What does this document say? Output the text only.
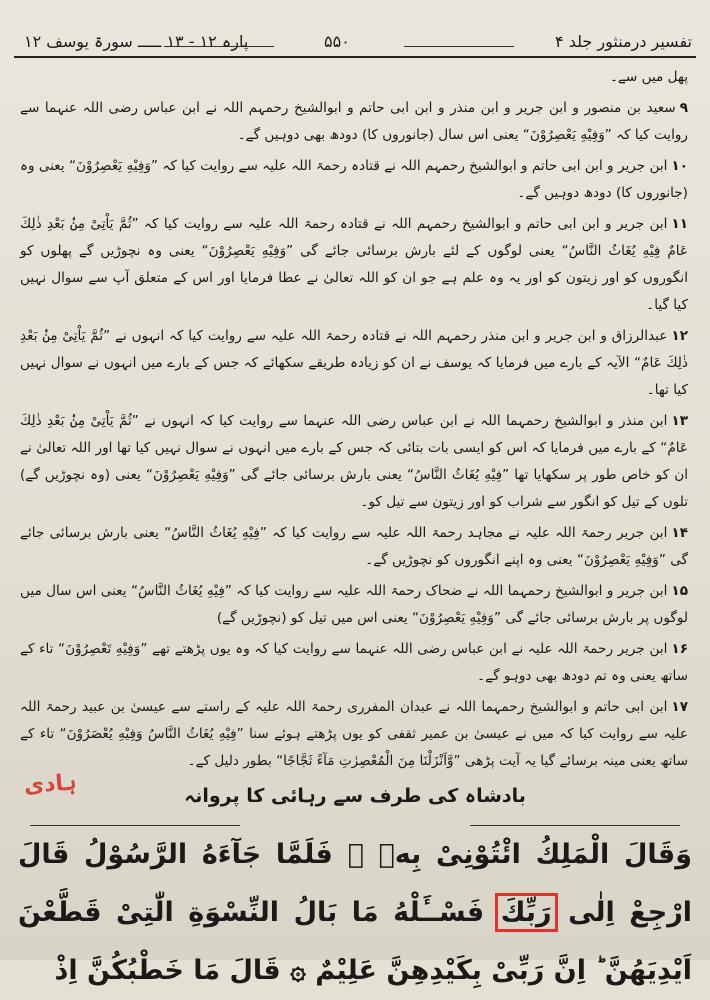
تفسیر درمنثور جلد ۴
۵۵۰
پارہ ۱۲ - ۱۳ ـــــ سورۃ یوسف ۱۲

پھل میں سے۔

۹سعید بن منصور و ابن جریر و ابن منذر و ابن ابی حاتم و ابوالشیخ رحمہم اللہ نے ابن عباس رضی اللہ عنہما سے روایت کیا کہ ”وَفِیْهِ یَعْصِرُوْنَ“ یعنی اس سال (جانوروں کا) دودھ بھی دوہیں گے۔

۱۰ابن جریر و ابن ابی حاتم و ابوالشیخ رحمہم اللہ نے قتادہ رحمۃ اللہ علیہ سے روایت کیا کہ ”وَفِیْهِ یَعْصِرُوْنَ“ یعنی وہ (جانوروں کا) دودھ دوہیں گے۔

۱۱ابن جریر و ابن ابی حاتم و ابوالشیخ رحمہم اللہ نے قتادہ رحمۃ اللہ علیہ سے روایت کیا کہ ”ثُمَّ یَاْتِیْ مِنْۢ بَعْدِ ذٰلِكَ عَامٌ فِیْهِ یُغَاثُ النَّاسُ“ یعنی لوگوں کے لئے بارش برسائی جائے گی ”وَفِیْهِ یَعْصِرُوْنَ“ یعنی وہ نچوڑیں گے پھلوں کو انگوروں کو اور زیتون کو اور یہ وہ علم ہے جو ان کو اللہ تعالیٰ نے عطا فرمایا اور اس کے متعلق آپ سے سوال نہیں کیا گیا۔

۱۲عبدالرزاق و ابن جریر و ابن منذر رحمہم اللہ نے قتادہ رحمۃ اللہ علیہ سے روایت کیا کہ انہوں نے ”ثُمَّ یَاْتِیْ مِنْۢ بَعْدِ ذٰلِكَ عَامٌ“ الآیہ کے بارے میں فرمایا کہ یوسف نے ان کو زیادہ طریقے سکھائے کہ جس کے بارے میں انہوں نے سوال نہیں کیا تھا۔

۱۳ابن منذر و ابوالشیخ رحمہما اللہ نے ابن عباس رضی اللہ عنہما سے روایت کیا کہ انہوں نے ”ثُمَّ یَاْتِیْ مِنْۢ بَعْدِ ذٰلِكَ عَامٌ“ کے بارے میں فرمایا کہ اس کو ایسی بات بتائی کہ جس کے بارے میں انہوں نے سوال نہیں کیا تھا اور اللہ تعالیٰ نے ان کو خاص طور پر سکھایا تھا ”فِیْهِ یُغَاثُ النَّاسُ“ یعنی بارش برسائی جائے گی ”وَفِیْهِ یَعْصِرُوْنَ“ یعنی (وہ نچوڑیں گے) تلوں کے تیل کو انگور سے شراب کو اور زیتون سے تیل کو۔

۱۴ابن جریر رحمۃ اللہ علیہ نے مجاہد رحمۃ اللہ علیہ سے روایت کیا کہ ”فِیْهِ یُغَاثُ النَّاسُ“ یعنی بارش برسائی جائے گی ”وَفِیْهِ یَعْصِرُوْنَ“ یعنی وہ اپنے انگوروں کو نچوڑیں گے۔

۱۵ابن جریر و ابوالشیخ رحمہما اللہ نے ضحاک رحمۃ اللہ علیہ سے روایت کیا کہ ”فِیْهِ یُغَاثُ النَّاسُ“ یعنی اس سال میں لوگوں پر بارش برسائی جائے گی ”وَفِیْهِ یَعْصِرُوْنَ“ یعنی اس میں تیل کو (نچوڑیں گے)

۱۶ابن جریر رحمۃ اللہ علیہ نے ابن عباس رضی اللہ عنہما سے روایت کیا کہ وہ یوں پڑھتے تھے ”وَفِیْهِ تَعْصِرُوْنَ“ تاء کے ساتھ یعنی وہ تم دودھ بھی دوہو گے۔

۱۷ابن ابی حاتم و ابوالشیخ رحمہما اللہ نے عبدان المفرری رحمۃ اللہ علیہ کے راستے سے عیسیٰ بن عبید رحمۃ اللہ علیہ سے روایت کیا کہ میں نے عیسیٰ بن عمیر ثقفی کو یوں پڑھتے ہوئے سنا ”فِیْهِ یُغَاثُ النَّاسُ وَفِیْهِ یُعْصَرُوْنَ“ تاء کے ساتھ یعنی مینہ برسائے گیا یہ آیت پڑھی ”وَّاَنْزَلْنَا مِنَ الْمُعْصِرٰتِ مَآءً ثَجَّاجًا“ بطور دلیل کے۔

ہادی	بادشاہ کی طرف سے رہائی کا پروانہ
وَقَالَ الْمَلِكُ ائْتُوْنِیْ بِهٖ ۚ فَلَمَّا جَآءَهُ الرَّسُوْلُ قَالَ ارْجِعْ اِلٰى رَبِّكَ فَسْــَٔلْهُ مَا بَالُ النِّسْوَةِ الّٰتِیْ قَطَّعْنَ اَیْدِیَهُنَّ ؕ اِنَّ رَبِّیْ بِكَیْدِهِنَّ عَلِیْمٌ ۞ قَالَ مَا خَطْبُكُنَّ اِذْ
